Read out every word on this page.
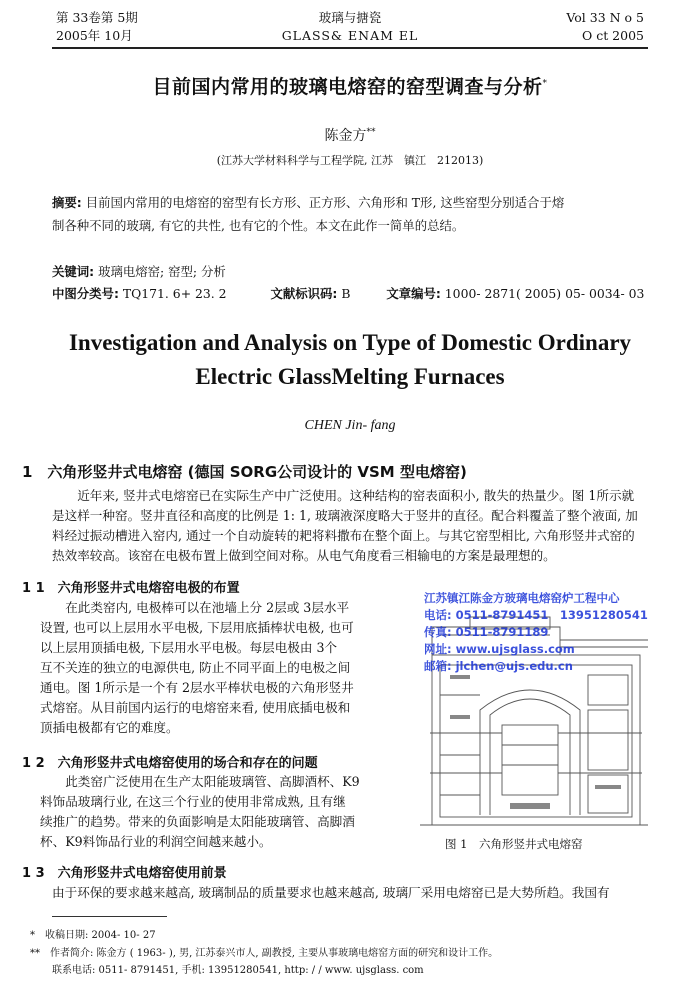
第 33卷第 5期
2005年 10月
玻璃与搪瓷
GLASS& ENAM EL
Vol 33 N o 5
O ct 2005
目前国内常用的玻璃电熔窑的窑型调查与分析*
陈金方**
(江苏大学材料科学与工程学院, 江苏　镇江　212013)
摘要: 目前国内常用的电熔窑的窑型有长方形、正方形、六角形和 T形, 这些窑型分别适合于熔
制各种不同的玻璃, 有它的共性, 也有它的个性。本文在此作一简单的总结。
关键词: 玻璃电熔窑; 窑型; 分析
中图分类号: TQ171. 6+ 23. 2	文献标识码: B	文章编号: 1000- 2871( 2005) 05- 0034- 03
Investigation and Analysis on Type of Domestic Ordinary
Electric GlassMelting Furnaces
CHEN Jin- fang
1　六角形竖井式电熔窑 (德国 SORG公司设计的 VSM 型电熔窑)
近年来, 竖井式电熔窑已在实际生产中广泛使用。这种结构的窑表面积小, 散失的热量少。图 1所示就
是这样一种窑。竖井直径和高度的比例是 1: 1, 玻璃液深度略大于竖井的直径。配合料覆盖了整个液面, 加
料经过振动槽进入窑内, 通过一个自动旋转的耙将料撒布在整个面上。与其它窑型相比, 六角形竖井式窑的
热效率较高。该窑在电极布置上做到空间对称。从电气角度看三相输电的方案是最理想的。
1 1　六角形竖井式电熔窑电极的布置
在此类窑内, 电极棒可以在池墙上分 2层或 3层水平
设置, 也可以上层用水平电极, 下层用底插棒状电极, 也可
以上层用顶插电极, 下层用水平电极。每层电极由 3个
互不关连的独立的电源供电, 防止不同平面上的电极之间
通电。图 1所示是一个有 2层水平棒状电极的六角形竖井
式熔窑。从目前国内运行的电熔窑来看, 使用底插电极和
顶插电极都有它的难度。
1 2　六角形竖井式电熔窑使用的场合和存在的问题
此类窑广泛使用在生产太阳能玻璃管、高脚酒杯、K9
料饰品玻璃行业, 在这三个行业的使用非常成熟, 且有继
续推广的趋势。带来的负面影响是太阳能玻璃管、高脚酒
杯、K9料饰品行业的利润空间越来越小。
1 3　六角形竖井式电熔窑使用前景
由于环保的要求越来越高, 玻璃制品的质量要求也越来越高, 玻璃厂采用电熔窑已是大势所趋。我国有
图 1　六角形竖井式电熔窑
江苏镇江陈金方玻璃电熔窑炉工程中心
电话: 0511-8791451　13951280541
传真: 0511-8791189
网址: www.ujsglass.com
邮箱: jlchen@ujs.edu.cn
*　收稿日期: 2004- 10- 27
**　作者简介: 陈金方 ( 1963- ), 男, 江苏泰兴市人, 副教授, 主要从事玻璃电熔窑方面的研究和设计工作。
联系电话: 0511- 8791451, 手机: 13951280541, http: / / www. ujsglass. com
